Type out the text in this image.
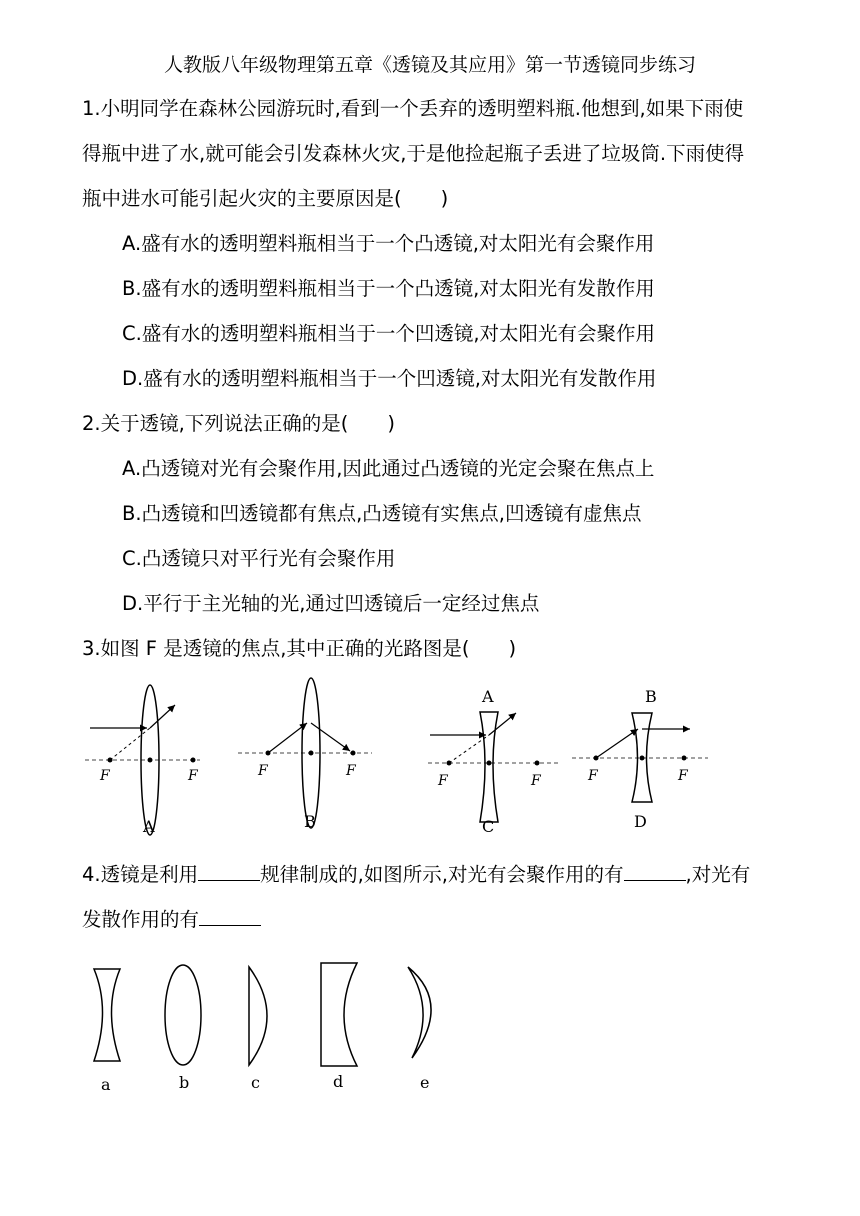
人教版八年级物理第五章《透镜及其应用》第一节透镜同步练习
1.小明同学在森林公园游玩时,看到一个丢弃的透明塑料瓶.他想到,如果下雨使
得瓶中进了水,就可能会引发森林火灾,于是他捡起瓶子丢进了垃圾筒.下雨使得
瓶中进水可能引起火灾的主要原因是(　　)
A.盛有水的透明塑料瓶相当于一个凸透镜,对太阳光有会聚作用
B.盛有水的透明塑料瓶相当于一个凸透镜,对太阳光有发散作用
C.盛有水的透明塑料瓶相当于一个凹透镜,对太阳光有会聚作用
D.盛有水的透明塑料瓶相当于一个凹透镜,对太阳光有发散作用
2.关于透镜,下列说法正确的是(　　)
A.凸透镜对光有会聚作用,因此通过凸透镜的光定会聚在焦点上
B.凸透镜和凹透镜都有焦点,凸透镜有实焦点,凹透镜有虚焦点
C.凸透镜只对平行光有会聚作用
D.平行于主光轴的光,通过凹透镜后一定经过焦点
3.如图 F 是透镜的焦点,其中正确的光路图是(　　)
F	F
A
F	F
B
F	F
A
C
F	F
B
D
4.透镜是利用	规律制成的,如图所示,对光有会聚作用的有	,对光有
发散作用的有
a	b	c	d	e
